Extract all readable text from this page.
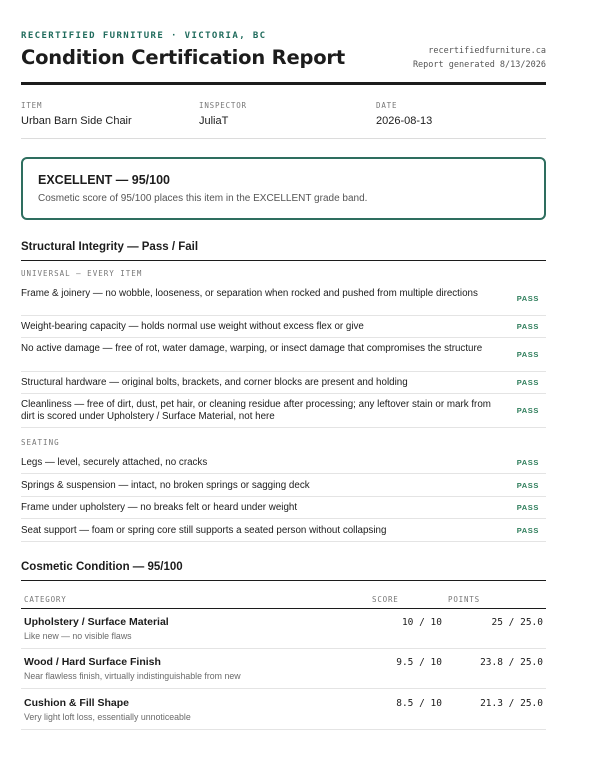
RECERTIFIED FURNITURE · VICTORIA, BC
Condition Certification Report	recertifiedfurniture.ca
Report generated 8/13/2026
ITEM
Urban Barn Side Chair
INSPECTOR
JuliaT
DATE
2026-08-13
EXCELLENT — 95/100
Cosmetic score of 95/100 places this item in the EXCELLENT grade band.
Structural Integrity — Pass / Fail
UNIVERSAL — EVERY ITEM
Frame & joinery — no wobble, looseness, or separation when rocked and pushed from multiple directions	PASS
Weight-bearing capacity — holds normal use weight without excess flex or give	PASS
No active damage — free of rot, water damage, warping, or insect damage that compromises the structure
PASS
Structural hardware — original bolts, brackets, and corner blocks are present and holding	PASS
Cleanliness — free of dirt, dust, pet hair, or cleaning residue after processing; any leftover stain or mark from dirt is scored under Upholstery / Surface Material, not here
PASS
SEATING
Legs — level, securely attached, no cracks	PASS
Springs & suspension — intact, no broken springs or sagging deck	PASS
Frame under upholstery — no breaks felt or heard under weight	PASS
Seat support — foam or spring core still supports a seated person without collapsing	PASS
Cosmetic Condition — 95/100
CATEGORY	SCORE	POINTS
Upholstery / Surface Material
Like new — no visible flaws
10 / 10	25 / 25.0
Wood / Hard Surface Finish
Near flawless finish, virtually indistinguishable from new
9.5 / 10	23.8 / 25.0
Cushion & Fill Shape
Very light loft loss, essentially unnoticeable
8.5 / 10	21.3 / 25.0
